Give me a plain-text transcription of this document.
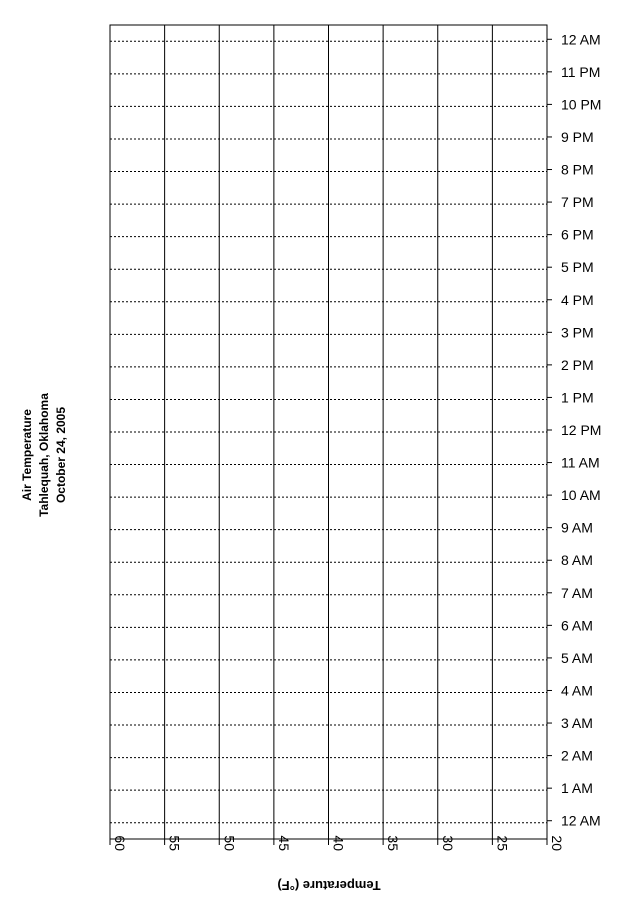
Air Temperature Tahlequah, Oklahoma October 24, 2005
12 AM
1 AM
2 AM
3 AM
4 AM
5 AM
6 AM
7 AM
8 AM
9 AM
10 AM
11 AM
12 PM
1 PM
2 PM
3 PM
4 PM
5 PM
6 PM
7 PM
8 PM
9 PM
10 PM
11 PM
12 AM
60	55	50	45	40	35	30	25	20
Temperature (°F)
